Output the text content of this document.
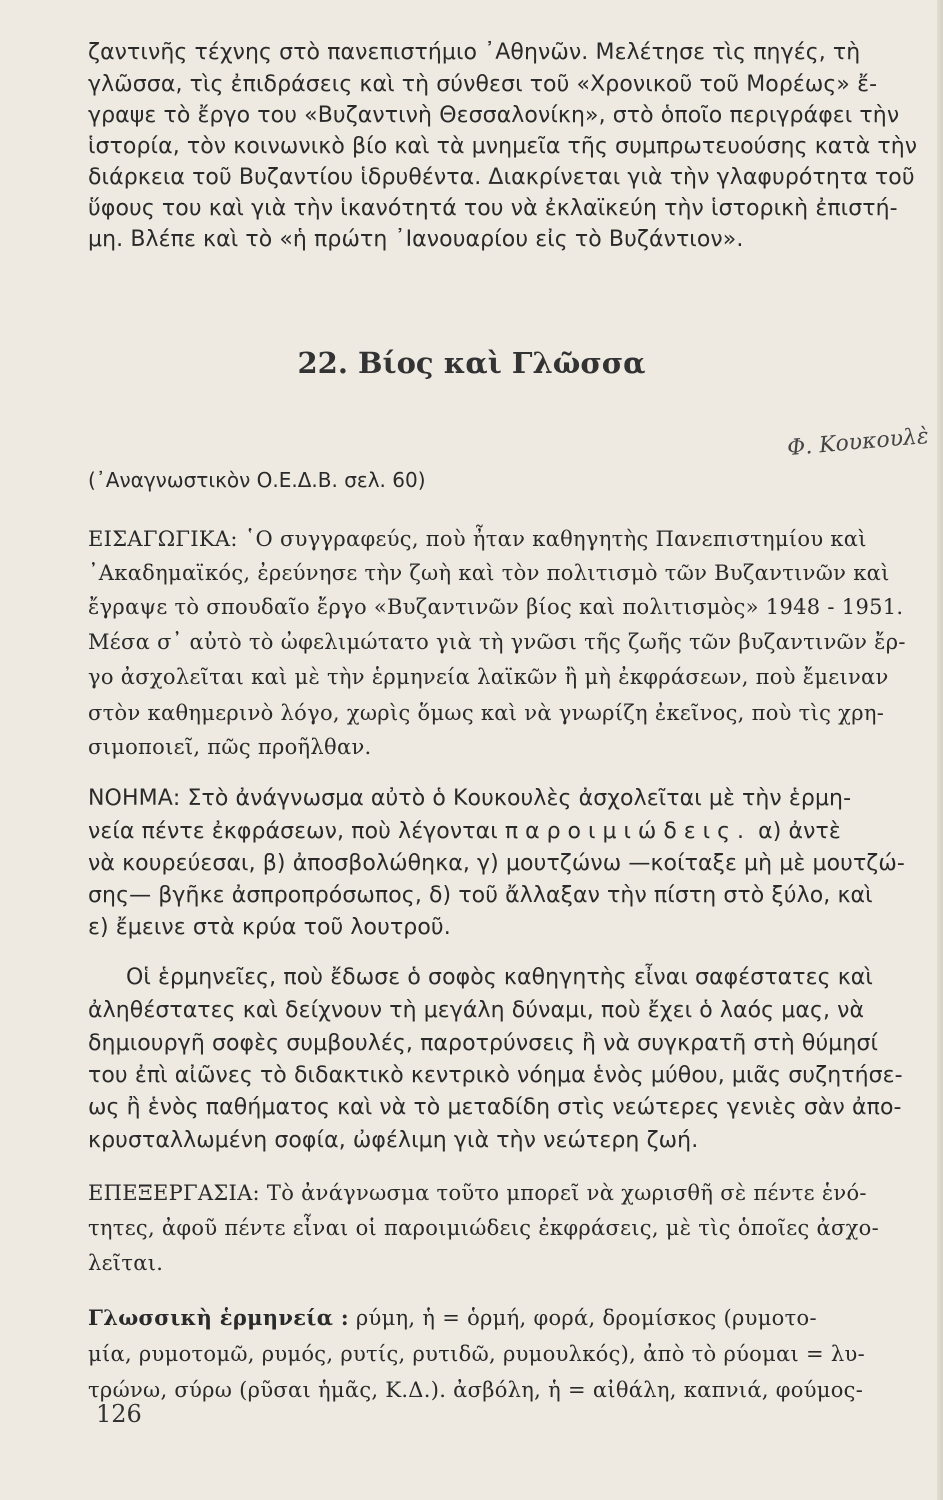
ζαντινῆς τέχνης στὸ πανεπιστήμιο ᾿Αθηνῶν. Μελέτησε τὶς πηγές, τὴ
γλῶσσα, τὶς ἐπιδράσεις καὶ τὴ σύνθεσι τοῦ «Χρονικοῦ τοῦ Μορέως» ἔ-
γραψε τὸ ἔργο του «Βυζαντινὴ Θεσσαλονίκη», στὸ ὁποῖο περιγράφει τὴν
ἱστορία, τὸν κοινωνικὸ βίο καὶ τὰ μνημεῖα τῆς συμπρωτευούσης κατὰ τὴν
διάρκεια τοῦ Βυζαντίου ἱδρυθέντα. Διακρίνεται γιὰ τὴν γλαφυρότητα τοῦ
ὕφους του καὶ γιὰ τὴν ἱκανότητά του νὰ ἐκλαϊκεύη τὴν ἱστορικὴ ἐπιστή-
μη. Βλέπε καὶ τὸ «ἡ πρώτη ᾿Ιανουαρίου εἰς τὸ Βυζάντιον».
22. Βίος καὶ Γλῶσσα
Φ. Κουκουλὲ
(᾿Αναγνωστικὸν Ο.Ε.Δ.Β. σελ. 60)
ΕΙΣΑΓΩΓΙΚΑ: ῾Ο συγγραφεύς, ποὺ ἦταν καθηγητὴς Πανεπιστημίου καὶ
᾿Ακαδημαϊκός, ἐρεύνησε τὴν ζωὴ καὶ τὸν πολιτισμὸ τῶν Βυζαντινῶν καὶ
ἔγραψε τὸ σπουδαῖο ἔργο «Βυζαντινῶν βίος καὶ πολιτισμὸς» 1948 - 1951.
Μέσα σ᾿ αὐτὸ τὸ ὠφελιμώτατο γιὰ τὴ γνῶσι τῆς ζωῆς τῶν βυζαντινῶν ἔρ-
γο ἀσχολεῖται καὶ μὲ τὴν ἑρμηνεία λαϊκῶν ἢ μὴ ἐκφράσεων, ποὺ ἔμειναν
στὸν καθημερινὸ λόγο, χωρὶς ὅμως καὶ νὰ γνωρίζη ἐκεῖνος, ποὺ τὶς χρη-
σιμοποιεῖ, πῶς προῆλθαν.
ΝΟΗΜΑ: Στὸ ἀνάγνωσμα αὐτὸ ὁ Κουκουλὲς ἀσχολεῖται μὲ τὴν ἑρμη-
νεία πέντε ἐκφράσεων, ποὺ λέγονται παροιμιώδεις. α) ἀντὲ
νὰ κουρεύεσαι, β) ἀποσβολώθηκα, γ) μουτζώνω —κοίταξε μὴ μὲ μουτζώ-
σης— βγῆκε ἀσπροπρόσωπος, δ) τοῦ ἄλλαξαν τὴν πίστη στὸ ξύλο, καὶ
ε) ἔμεινε στὰ κρύα τοῦ λουτροῦ.
Οἱ ἑρμηνεῖες, ποὺ ἔδωσε ὁ σοφὸς καθηγητὴς εἶναι σαφέστατες καὶ
ἀληθέστατες καὶ δείχνουν τὴ μεγάλη δύναμι, ποὺ ἔχει ὁ λαός μας, νὰ
δημιουργῆ σοφὲς συμβουλές, παροτρύνσεις ἢ νὰ συγκρατῆ στὴ θύμησί
του ἐπὶ αἰῶνες τὸ διδακτικὸ κεντρικὸ νόημα ἑνὸς μύθου, μιᾶς συζητήσε-
ως ἢ ἑνὸς παθήματος καὶ νὰ τὸ μεταδίδη στὶς νεώτερες γενιὲς σὰν ἀπο-
κρυσταλλωμένη σοφία, ὠφέλιμη γιὰ τὴν νεώτερη ζωή.
ΕΠΕΞΕΡΓΑΣΙΑ: Τὸ ἀνάγνωσμα τοῦτο μπορεῖ νὰ χωρισθῆ σὲ πέντε ἑνό-
τητες, ἀφοῦ πέντε εἶναι οἱ παροιμιώδεις ἐκφράσεις, μὲ τὶς ὁποῖες ἀσχο-
λεῖται.
Γλωσσικὴ ἑρμηνεία : ρύμη, ἡ = ὁρμή, φορά, δρομίσκος (ρυμοτο-
μία, ρυμοτομῶ, ρυμός, ρυτίς, ρυτιδῶ, ρυμουλκός), ἀπὸ τὸ ρύομαι = λυ-
τρώνω, σύρω (ρῦσαι ἡμᾶς, Κ.Δ.). ἀσβόλη, ἡ = αἰθάλη, καπνιά, φούμος-
126
